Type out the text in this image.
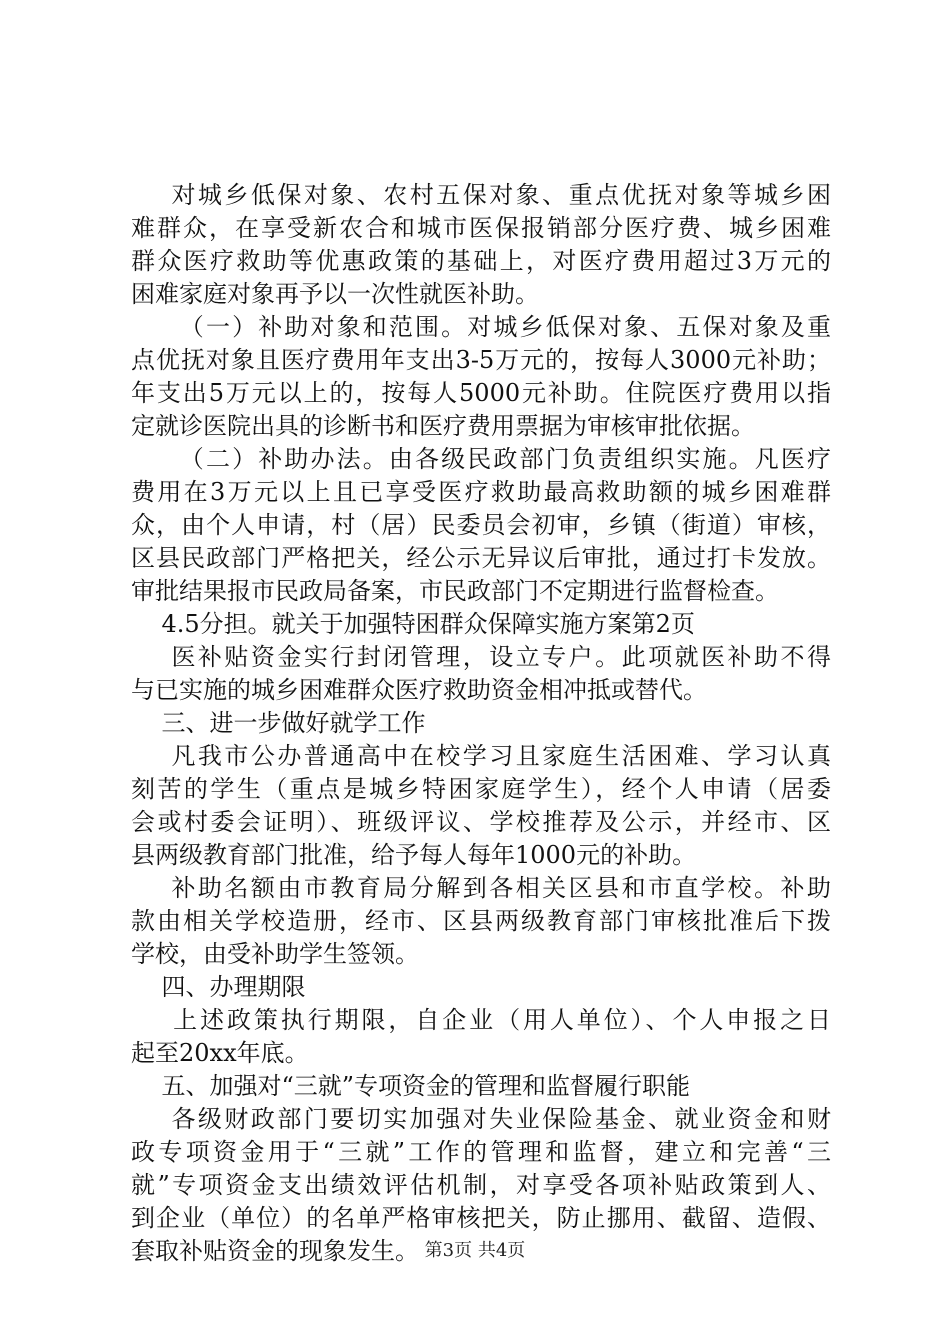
对城乡低保对象、农村五保对象、重点优抚对象等城乡困
难群众，在享受新农合和城市医保报销部分医疗费、城乡困难
群众医疗救助等优惠政策的基础上，对医疗费用超过3万元的
困难家庭对象再予以一次性就医补助。
（一）补助对象和范围。对城乡低保对象、五保对象及重
点优抚对象且医疗费用年支出3-5万元的，按每人3000元补助；
年支出5万元以上的，按每人5000元补助。住院医疗费用以指
定就诊医院出具的诊断书和医疗费用票据为审核审批依据。
（二）补助办法。由各级民政部门负责组织实施。凡医疗
费用在3万元以上且已享受医疗救助最高救助额的城乡困难群
众，由个人申请，村（居）民委员会初审，乡镇（街道）审核，
区县民政部门严格把关，经公示无异议后审批，通过打卡发放。
审批结果报市民政局备案，市民政部门不定期进行监督检查。
4.5分担。就关于加强特困群众保障实施方案第2页
医补贴资金实行封闭管理，设立专户。此项就医补助不得
与已实施的城乡困难群众医疗救助资金相冲抵或替代。
三、进一步做好就学工作
凡我市公办普通高中在校学习且家庭生活困难、学习认真
刻苦的学生（重点是城乡特困家庭学生），经个人申请（居委
会或村委会证明）、班级评议、学校推荐及公示，并经市、区
县两级教育部门批准，给予每人每年1000元的补助。
补助名额由市教育局分解到各相关区县和市直学校。补助
款由相关学校造册，经市、区县两级教育部门审核批准后下拨
学校，由受补助学生签领。
四、办理期限
上述政策执行期限，自企业（用人单位）、个人申报之日
起至20xx年底。
五、加强对“三就”专项资金的管理和监督履行职能
各级财政部门要切实加强对失业保险基金、就业资金和财
政专项资金用于“三就”工作的管理和监督，建立和完善“三
就”专项资金支出绩效评估机制，对享受各项补贴政策到人、
到企业（单位）的名单严格审核把关，防止挪用、截留、造假、
套取补贴资金的现象发生。 第3页 共4页
